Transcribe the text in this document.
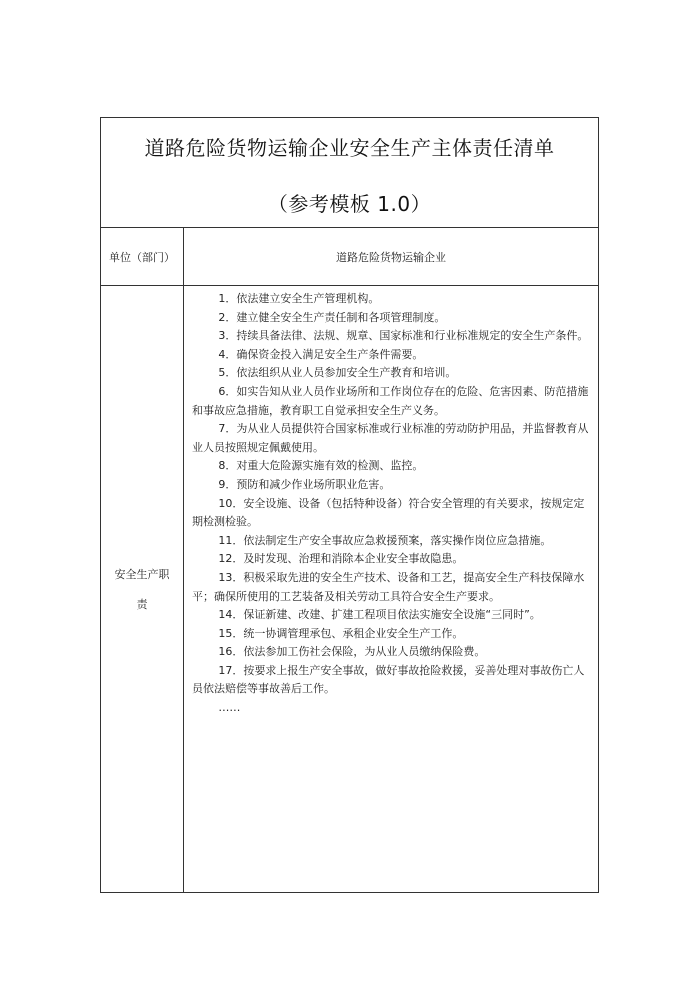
道路危险货物运输企业安全生产主体责任清单
（参考模板 1.0）
单位（部门）	道路危险货物运输企业
安全生产职责

1．依法建立安全生产管理机构。

2．建立健全安全生产责任制和各项管理制度。

3．持续具备法律、法规、规章、国家标准和行业标准规定的安全生产条件。

4．确保资金投入满足安全生产条件需要。

5．依法组织从业人员参加安全生产教育和培训。

6．如实告知从业人员作业场所和工作岗位存在的危险、危害因素、防范措施和事故应急措施，教育职工自觉承担安全生产义务。

7．为从业人员提供符合国家标准或行业标准的劳动防护用品，并监督教育从业人员按照规定佩戴使用。

8．对重大危险源实施有效的检测、监控。

9．预防和减少作业场所职业危害。

10．安全设施、设备（包括特种设备）符合安全管理的有关要求，按规定定期检测检验。

11．依法制定生产安全事故应急救援预案，落实操作岗位应急措施。

12．及时发现、治理和消除本企业安全事故隐患。

13．积极采取先进的安全生产技术、设备和工艺，提高安全生产科技保障水平；确保所使用的工艺装备及相关劳动工具符合安全生产要求。

14．保证新建、改建、扩建工程项目依法实施安全设施“三同时”。

15．统一协调管理承包、承租企业安全生产工作。

16．依法参加工伤社会保险，为从业人员缴纳保险费。

17．按要求上报生产安全事故，做好事故抢险救援，妥善处理对事故伤亡人员依法赔偿等事故善后工作。

……
